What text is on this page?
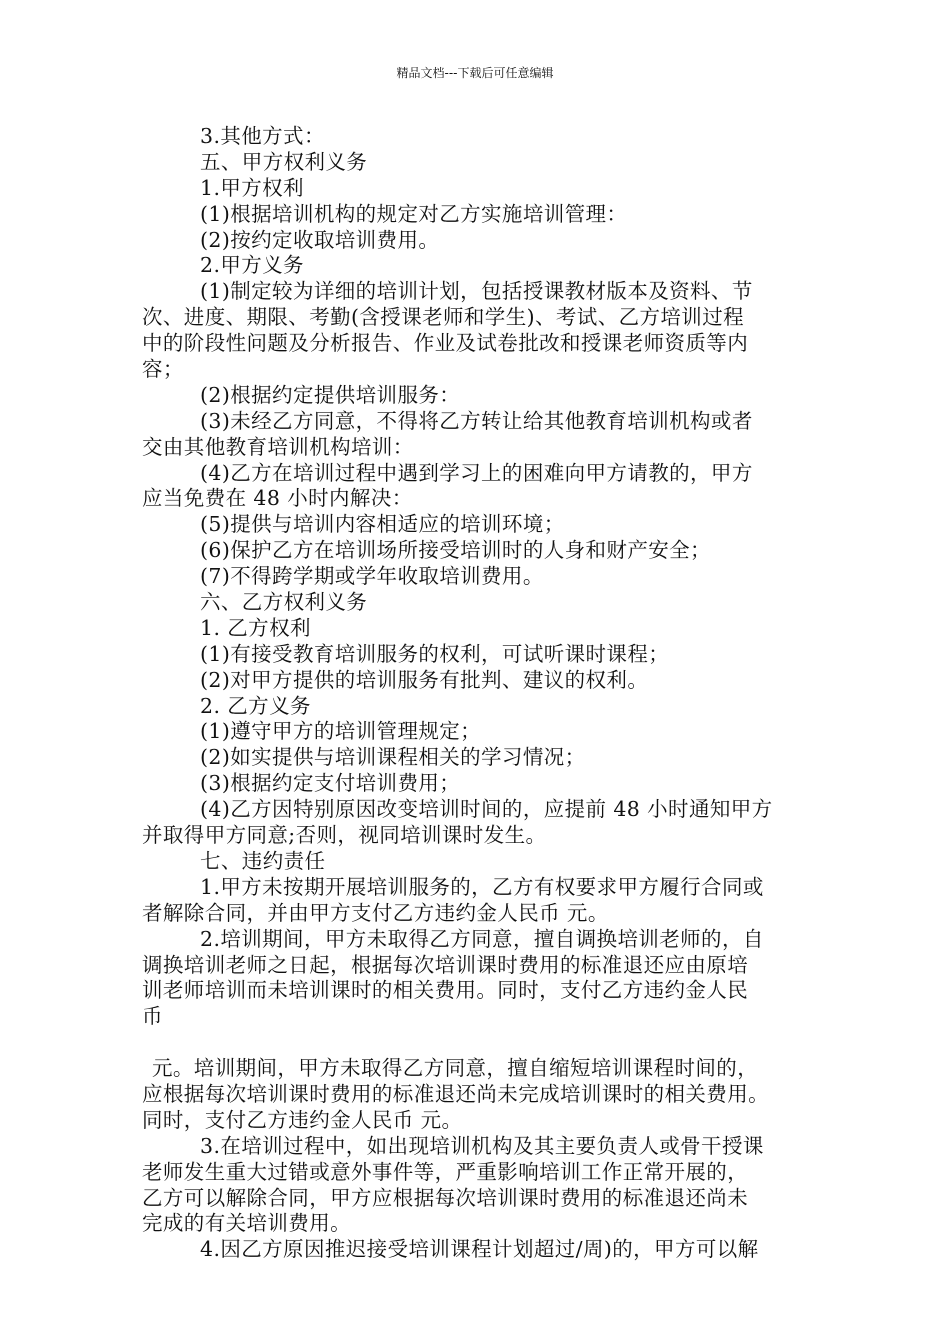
精品文档---下载后可任意编辑
3.其他方式：
五、甲方权利义务
1.甲方权利
(1)根据培训机构的规定对乙方实施培训管理：
(2)按约定收取培训费用。
2.甲方义务
(1)制定较为详细的培训计划，包括授课教材版本及资料、节
次、进度、期限、考勤(含授课老师和学生)、考试、乙方培训过程
中的阶段性问题及分析报告、作业及试卷批改和授课老师资质等内
容；
(2)根据约定提供培训服务：
(3)未经乙方同意，不得将乙方转让给其他教育培训机构或者
交由其他教育培训机构培训：
(4)乙方在培训过程中遇到学习上的困难向甲方请教的，甲方
应当免费在 48 小时内解决：
(5)提供与培训内容相适应的培训环境；
(6)保护乙方在培训场所接受培训时的人身和财产安全；
(7)不得跨学期或学年收取培训费用。
六、乙方权利义务
1. 乙方权利
(1)有接受教育培训服务的权利，可试听课时课程；
(2)对甲方提供的培训服务有批判、建议的权利。
2. 乙方义务
(1)遵守甲方的培训管理规定；
(2)如实提供与培训课程相关的学习情况；
(3)根据约定支付培训费用；
(4)乙方因特别原因改变培训时间的，应提前 48 小时通知甲方
并取得甲方同意;否则，视同培训课时发生。
七、违约责任
1.甲方未按期开展培训服务的，乙方有权要求甲方履行合同或
者解除合同，并由甲方支付乙方违约金人民币 元。
2.培训期间，甲方未取得乙方同意，擅自调换培训老师的，自
调换培训老师之日起，根据每次培训课时费用的标准退还应由原培
训老师培训而未培训课时的相关费用。同时，支付乙方违约金人民
币
元。培训期间，甲方未取得乙方同意，擅自缩短培训课程时间的，
应根据每次培训课时费用的标准退还尚未完成培训课时的相关费用。
同时，支付乙方违约金人民币 元。
3.在培训过程中，如出现培训机构及其主要负责人或骨干授课
老师发生重大过错或意外事件等，严重影响培训工作正常开展的，
乙方可以解除合同，甲方应根据每次培训课时费用的标准退还尚未
完成的有关培训费用。
4.因乙方原因推迟接受培训课程计划超过/周)的，甲方可以解
